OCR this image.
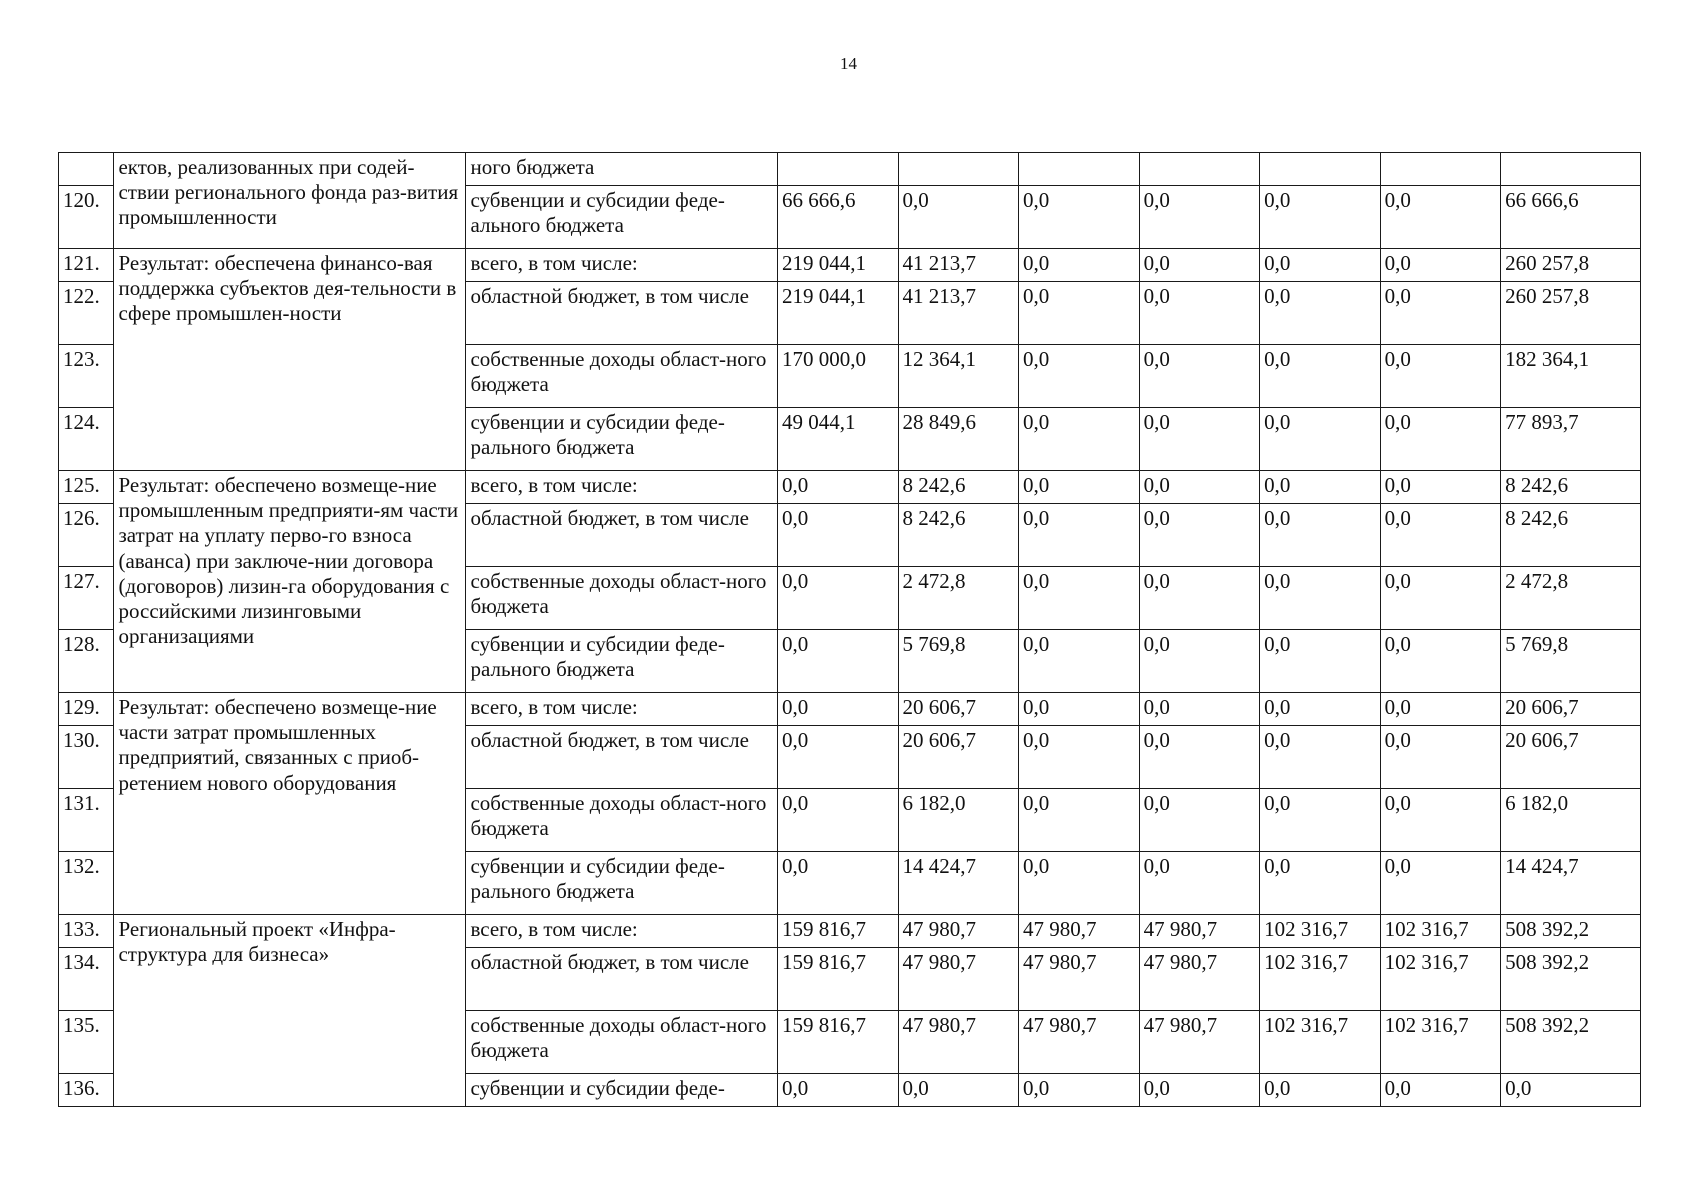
14
	ектов, реализованных при содей-ствии регионального фонда раз-вития промышленности	ного бюджета							
120.		субвенции и субсидии феде-ального бюджета	66 666,6	0,0	0,0	0,0	0,0	0,0	66 666,6
121.	Результат: обеспечена финансо-вая поддержка субъектов дея-тельности в сфере промышлен-ности	всего, в том числе:	219 044,1	41 213,7	0,0	0,0	0,0	0,0	260 257,8
122.		областной бюджет, в том числе	219 044,1	41 213,7	0,0	0,0	0,0	0,0	260 257,8
123.		собственные доходы област-ного бюджета	170 000,0	12 364,1	0,0	0,0	0,0	0,0	182 364,1
124.		субвенции и субсидии феде-рального бюджета	49 044,1	28 849,6	0,0	0,0	0,0	0,0	77 893,7
125.	Результат: обеспечено возмеще-ние промышленным предприяти-ям части затрат на уплату перво-го взноса (аванса) при заключе-нии договора (договоров) лизин-га оборудования с российскими лизинговыми организациями	всего, в том числе:	0,0	8 242,6	0,0	0,0	0,0	0,0	8 242,6
126.		областной бюджет, в том числе	0,0	8 242,6	0,0	0,0	0,0	0,0	8 242,6
127.		собственные доходы област-ного бюджета	0,0	2 472,8	0,0	0,0	0,0	0,0	2 472,8
128.		субвенции и субсидии феде-рального бюджета	0,0	5 769,8	0,0	0,0	0,0	0,0	5 769,8
129.	Результат: обеспечено возмеще-ние части затрат промышленных предприятий, связанных с приоб-ретением нового оборудования	всего, в том числе:	0,0	20 606,7	0,0	0,0	0,0	0,0	20 606,7
130.		областной бюджет, в том числе	0,0	20 606,7	0,0	0,0	0,0	0,0	20 606,7
131.		собственные доходы област-ного бюджета	0,0	6 182,0	0,0	0,0	0,0	0,0	6 182,0
132.		субвенции и субсидии феде-рального бюджета	0,0	14 424,7	0,0	0,0	0,0	0,0	14 424,7
133.	Региональный проект «Инфра-структура для бизнеса»	всего, в том числе:	159 816,7	47 980,7	47 980,7	47 980,7	102 316,7	102 316,7	508 392,2
134.		областной бюджет, в том числе	159 816,7	47 980,7	47 980,7	47 980,7	102 316,7	102 316,7	508 392,2
135.		собственные доходы област-ного бюджета	159 816,7	47 980,7	47 980,7	47 980,7	102 316,7	102 316,7	508 392,2
136.		субвенции и субсидии феде-	0,0	0,0	0,0	0,0	0,0	0,0	0,0
